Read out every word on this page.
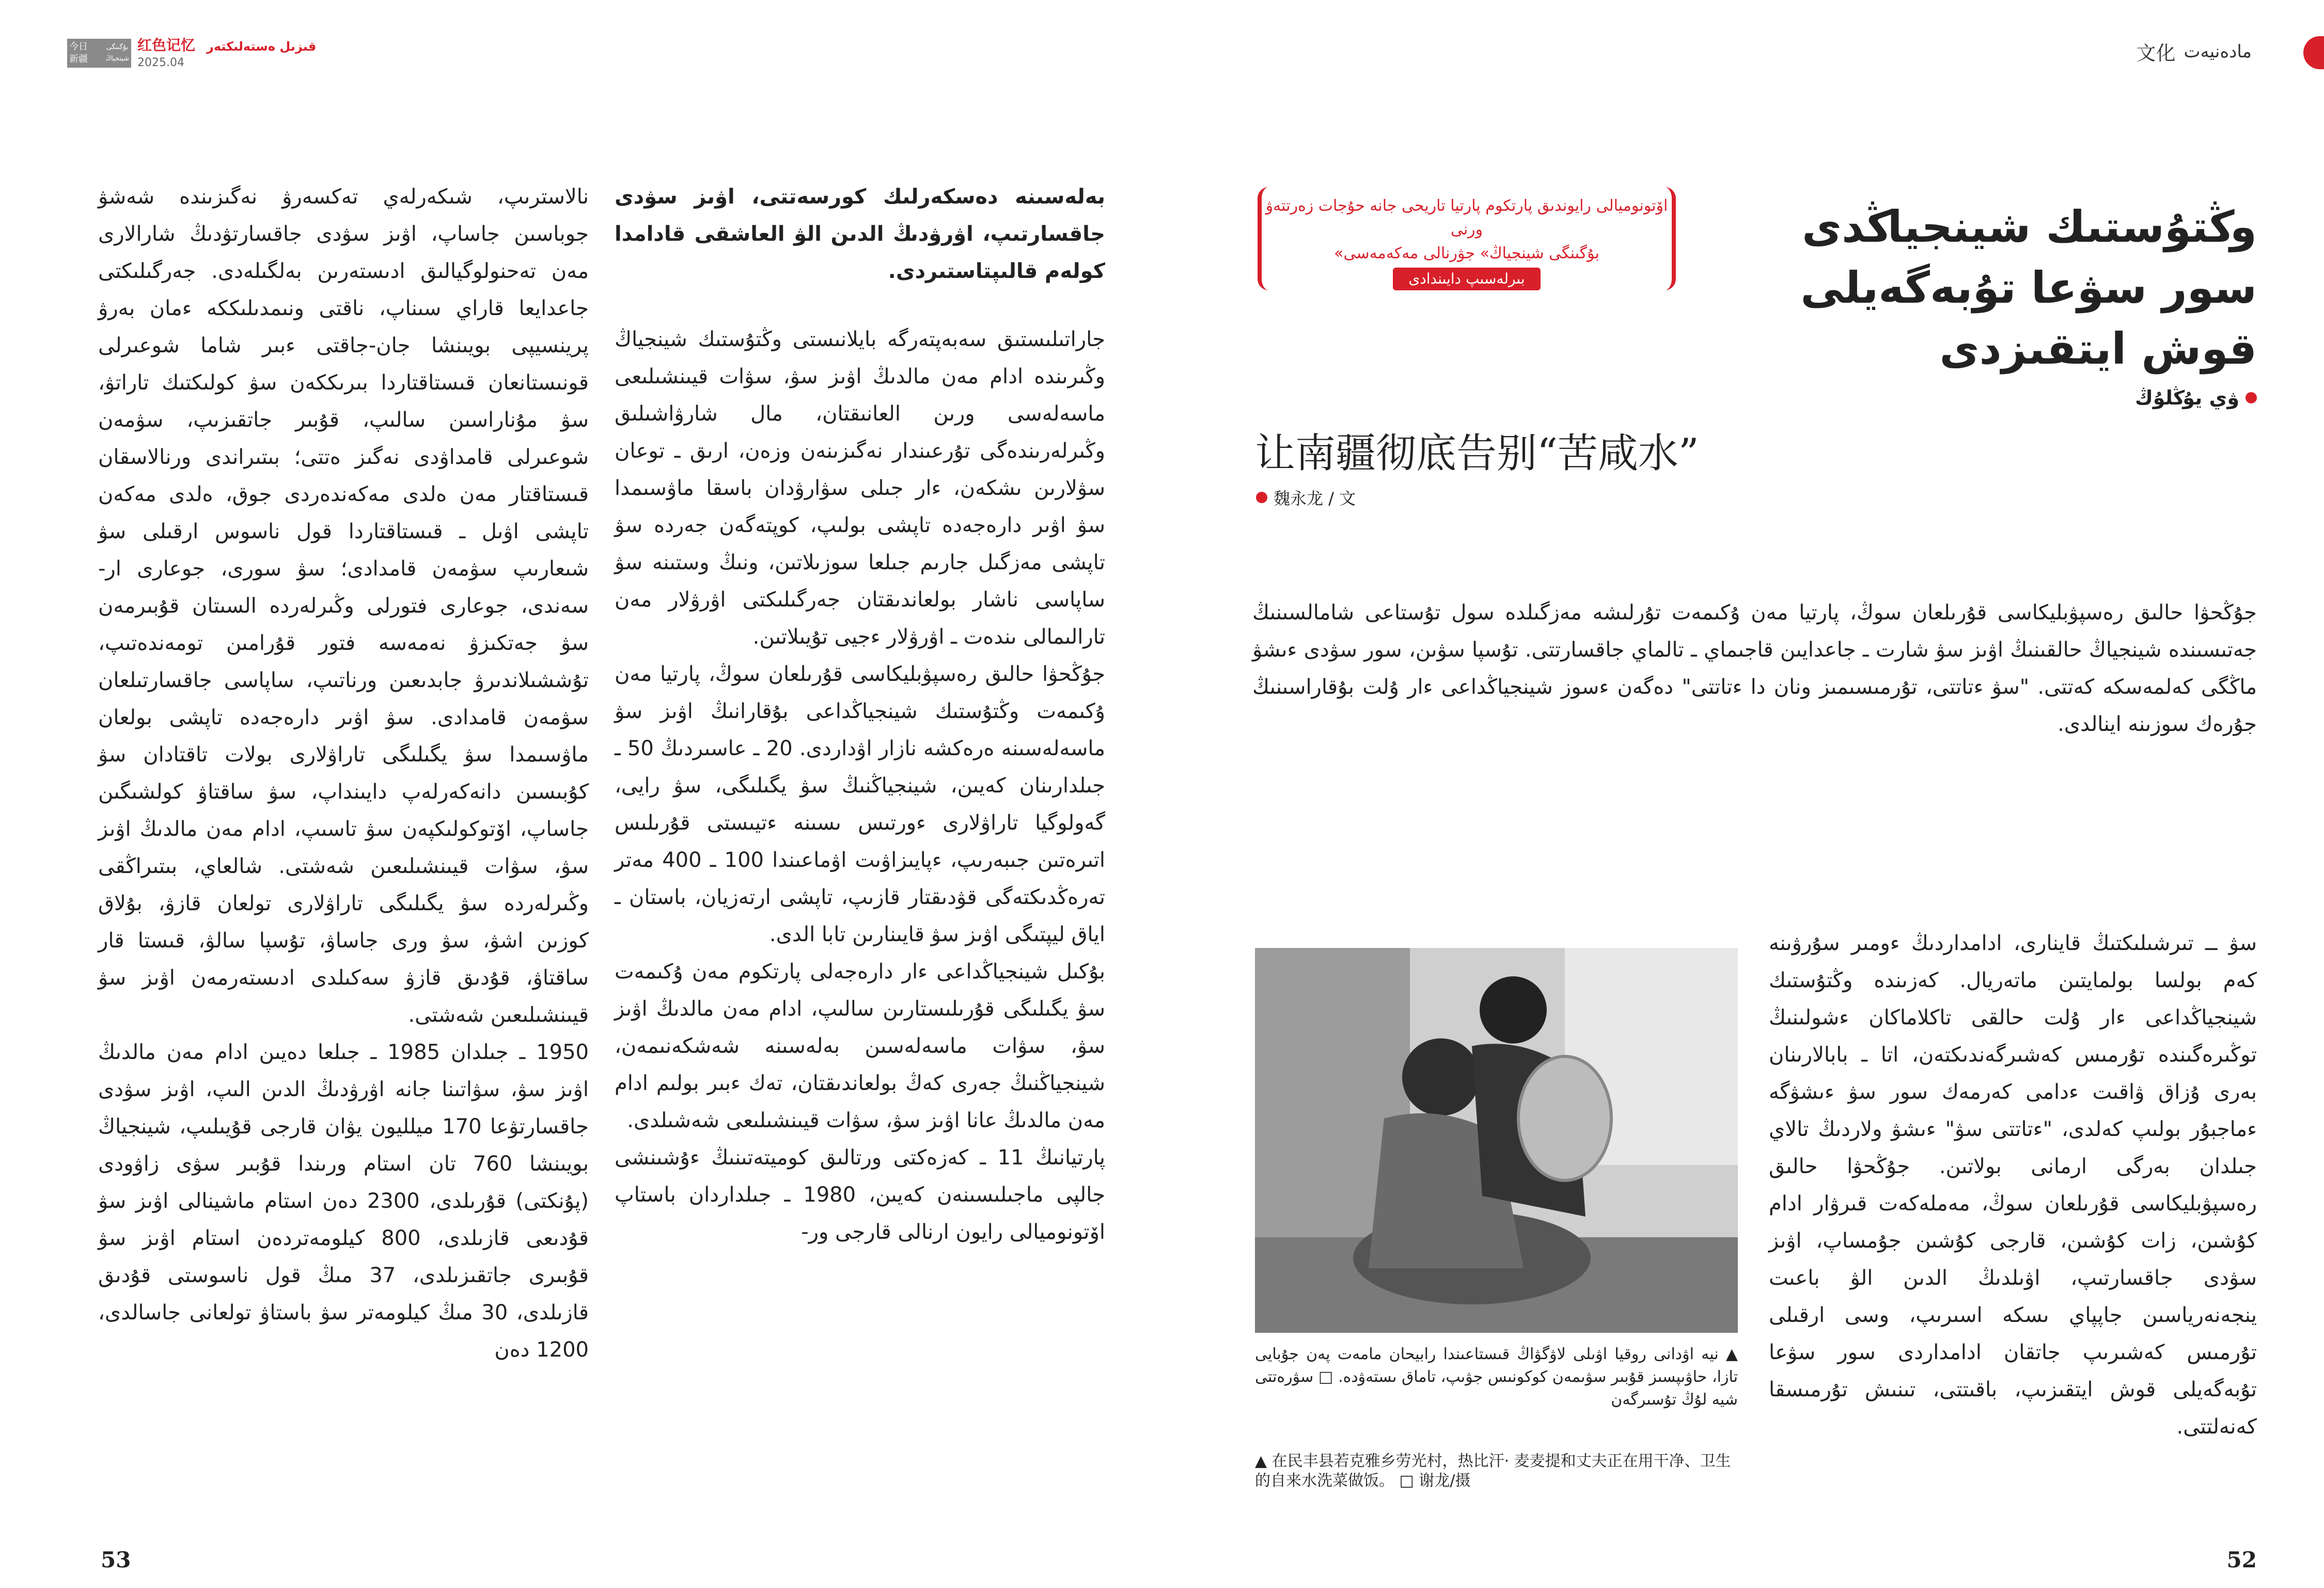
今日
新疆
بۇگىنگى
شينجياڭ
红色记忆 قىزىل ەستەلىكتەر
2025.04	文化 مادەنيەت

بەلەسىنە دەسكەرلىك كورسەتتى، اۋىز سۋدى جاقسارتىپ، اۋرۋدىڭ الدىن الۋ العاشقى قادامدا كولەم قالىپتاستىردى.

جاراتىلىستىق سەبەپتەرگە بايلانىستى وڭتۇستىك شينجياڭ وڭىرىندە ادام مەن مالدىڭ اۋىز سۋ، سۋات قيىنشىلىعى ماسەلەسى ورىن العانىقتان، مال شارۋاشىلىق وڭىرلەرىندەگى تۇرعىندار نەگىزىنەن وزەن، ارىق ـ توعان سۋلارىن ىشكەن، ءار جىلى سۋارۋدان باسقا ماۋسىمدا سۋ اۋىر دارەجەدە تاپشى بولىپ، كوپتەگەن جەردە سۋ تاپشى مەزگىل جارىم جىلعا سوزىلاتىن، ونىڭ وستىنە سۋ ساپاسى ناشار بولعاندىقتان جەرگىلىكتى اۋرۋلار مەن تارالىمالى ىندەت ـ اۋرۋلار ءجيى تۇيىلاتىن.

جۇڭحۋا حالىق رەسپۋبليكاسى قۇرىلعان سوڭ، پارتيا مەن ۇكىمەت وڭتۇستىك شينجياڭداعى بۇقارانىڭ اۋىز سۋ ماسەلەسىنە ەرەكشە نازار اۋداردى. 20 ـ عاسىردىڭ 50 ـ جىلدارىنان كەيىن، شينجياڭنىڭ سۋ يگىلىگى، سۋ رايى، گەولوگيا تاراۋلارى ءورتىس ىسىنە ءتيىستى قۇرىلىس اتىرەتىن جىبەرىپ، ءپايىزاۋىت اۋماعىندا 100 ـ 400 مەتر تەرەڭدىكتەگى قۋدىقتار قازىپ، تاپشى ارتەزيان، باستان ـ اياق ليپتىگى اۋىز سۋ قايىنارىن تابا الدى.

بۇكىل شينجياڭداعى ءار دارەجەلى پارتكوم مەن ۇكىمەت سۋ يگىلىگى قۇرىلىستارىن سالىپ، ادام مەن مالدىڭ اۋىز سۋ، سۋات ماسەلەسىن بەلەسىنە شەشكەنىمەن، شينجياڭنىڭ جەرى كەڭ بولعاندىقتان، تەك ءبىر بولىم ادام مەن مالدىڭ عانا اۋىز سۋ، سۋات قيىنشىلىعى شەشىلدى.

پارتيانىڭ 11 ـ كەزەكتى ورتالىق كوميتەتىنىڭ ءۇشىنشى جالپى ماجىلىسىنەن كەيىن، 1980 ـ جىلداردان باستاپ اۆتونوميالى رايون ارنالى قارجى ور-

نالاسترىپ، شىكەرلەي تەكسەرۋ نەگىزىندە شەشۋ جوباسىن جاساپ، اۋىز سۋدى جاقسارتۋدىڭ شارالارى مەن تەحنولوگيالىق ادىستەرىن بەلگىلەدى. جەرگىلىكتى جاعدايعا قاراي سىناپ، ناقتى ونىمدىلىككە ءمان بەرۋ پرينسيپى بويىنشا جان-جاقتى ءبىر شاما شوعىرلى قونىستانعان قىستاقتاردا بىرىككەن سۋ كولىكتىك تاراتۋ، سۋ مۇناراسىن سالىپ، قۇبىر جاتقىزىپ، سۋمەن شوعىرلى قامداۋدى نەگىز ەتتى؛ بىتىراندى ورنالاسقان قىستاقتار مەن ەلدى مەكەندەردى جوق، ەلدى مەكەن تاپشى اۋىل ـ قىستاقتاردا قول ناسوس ارقىلى سۋ شىعارىپ سۋمەن قامدادى؛ سۋ سورى، جوعارى ار-سەندى، جوعارى فتورلى وڭىرلەردە السىتان قۇبىرمەن سۋ جەتكىزۋ نەمەسە فتور قۇرامىن تومەندەتىپ، تۇششىلاندىرۋ جابدىعىن ورناتىپ، ساپاسى جاقسارتىلعان سۋمەن قامدادى. سۋ اۋىر دارەجەدە تاپشى بولعان ماۋسىمدا سۋ يگىلىگى تاراۋلارى بولات تاقتادان سۋ كۇبىسىن دانەكەرلەپ دايىنداپ، سۋ ساقتاۋ كولشىگىن جاساپ، اۆتوكولىكپەن سۋ تاسىپ، ادام مەن مالدىڭ اۋىز سۋ، سۋات قيىنشىلىعىن شەشتى. شالعاي، بىتىراڭقى وڭىرلەردە سۋ يگىلىگى تاراۋلارى تولعان قازۋ، بۇلاق كوزىن اشۋ، سۋ ورى جاساۋ، تۇسپا سالۋ، قىستا قار ساقتاۋ، قۇدىق قازۋ سەكىلدى ادىستەرمەن اۋىز سۋ قيىنشىلىعىن شەشتى.

1950 ـ جىلدان 1985 ـ جىلعا دەيىن ادام مەن مالدىڭ اۋىز سۋ، سۋاتىنا جانە اۋرۋدىڭ الدىن الىپ، اۋىز سۋدى جاقسارتۋعا 170 ميلليون يۋان قارجى قۇيىلىپ، شينجياڭ بويىنشا 760 تان استام ورىندا قۇبىر سۋى زاۋودى (پۇنكتى) قۇرىلدى، 2300 دەن استام ماشينالى اۋىز سۋ قۇدىعى قازىلدى، 800 كيلومەتردەن استام اۋىز سۋ قۇبىرى جاتقىزىلدى، 37 مىڭ قول ناسوستى قۇدىق قازىلدى، 30 مىڭ كيلومەتر سۋ باستاۋ تولعانى جاسالدى، 1200 دەن

اۆتونوميالى رايوندىق پارتكوم پارتيا تاريحى جانە حۇجات زەرتتەۋ ورنى
«بۇگىنگى شينجياڭ» جۋرنالى مەكەمەسى
بىرلەسىپ دايىندادى
وڭتۇستىك شينجياڭدى سور سۋعا تۇبەگەيلى قوش ايتقىزدى
ۋي يۇڭلۇڭ
让南疆彻底告别“苦咸水”
魏永龙 / 文

جۇڭحۋا حالىق رەسپۋبليكاسى قۇرىلعان سوڭ، پارتيا مەن ۇكىمەت تۇرلىشە مەزگىلدە سول تۇستاعى شامالسىنىڭ جەتىسىندە شينجياڭ حالقىنىڭ اۋىز سۋ شارت ـ جاعدايىن قاجىماي ـ تالماي جاقسارتتى. تۇسپا سۋىن، سور سۋدى ءىشۋ ماڭگى كەلمەسكە كەتتى. "سۋ ءتاتتى، تۇرمىسىمىز ونان دا ءتاتتى" دەگەن ءسوز شينجياڭداعى ءار ۇلت بۇقاراسىنىڭ جۇرەك سوزىنە اينالدى.

▲ نيە اۋدانى روقيا اۋىلى لاۋگۋاڭ قىستاعىندا رابيحان مامەت پەن جۇبايى تازا، حاۋىپسىز قۇبىر سۋىمەن كوكونىس جۋىپ، تاماق ىستەۋدە. □ سۋرەتتى شيە لۇڭ تۇسىرگەن
▲ 在民丰县若克雅乡劳光村，热比汗· 麦麦提和丈夫正在用干净、卫生的自来水洗菜做饭。 □ 谢龙/摄

سۋ ــ تىرشىلىكتىڭ قاينارى، ادامداردىڭ ءومىر سۇرۋىنە كەم بولسا بولمايتىن ماتەريال. كەزىندە وڭتۇستىك شينجياڭداعى ءار ۇلت حالقى تاكلاماكان ءشولىنىڭ توڭىرەگىندە تۇرمىس كەشىرگەندىكتەن، اتا ـ بابالارىنان بەرى ۇزاق ۋاقىت ءدامى كەرمەك سور سۋ ءىشۋگە ءماجبۇر بولىپ كەلدى، "ءتاتتى سۋ" ءىشۋ ولاردىڭ تالاي جىلدان بەرگى ارمانى بولاتىن. جۇڭحۋا حالىق رەسپۋبليكاسى قۇرىلعان سوڭ، مەملەكەت قىرۋار ادام كۇشىن، زات كۇشىن، قارجى كۇشىن جۇمساپ، اۋىز سۋدى جاقسارتىپ، اۋىلدىڭ الدىن الۋ باعىت ينجەنەرياسىن جاپپاي ىسكە اسىرىپ، وسى ارقىلى تۇرمىس كەشىرىپ جاتقان ادامداردى سور سۋعا تۇبەگەيلى قوش ايتقىزىپ، باقىتتى، تىنىش تۇرمىسقا كەنەلتتى.

53	52
